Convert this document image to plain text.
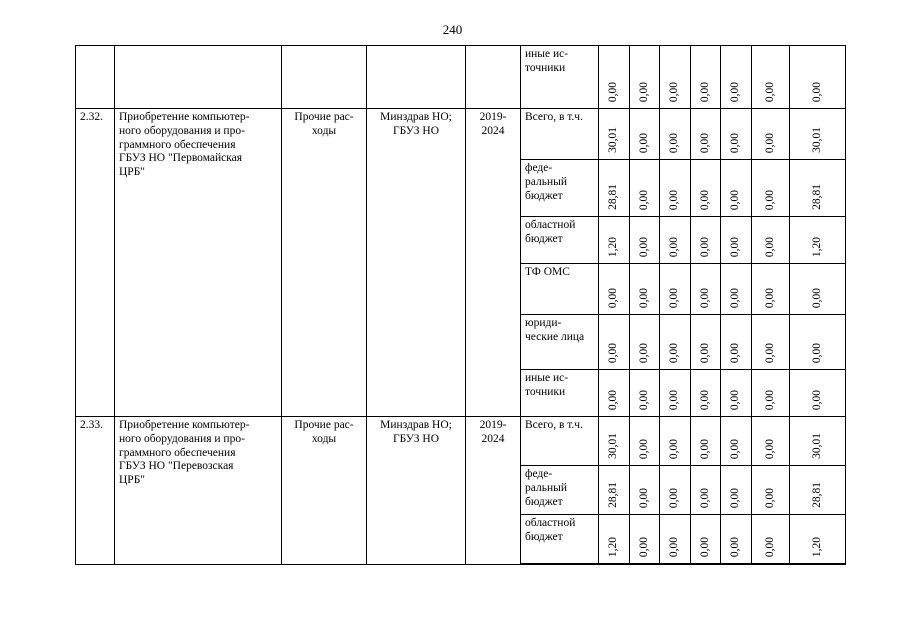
240
					иные ис-
точники	0,00	0,00	0,00	0,00	0,00	0,00	0,00

2.32.	Приобретение компьютер-
ного оборудования и про-
граммного обеспечения
ГБУЗ НО "Первомайская
ЦРБ"	Прочие рас-
ходы	Минздрав НО;
ГБУЗ НО	2019-
2024	Всего, в т.ч.	30,01	0,00	0,00	0,00	0,00	0,00	30,01

					феде-
ральный
бюджет	28,81	0,00	0,00	0,00	0,00	0,00	28,81

					областной
бюджет	1,20	0,00	0,00	0,00	0,00	0,00	1,20

					ТФ ОМС	0,00	0,00	0,00	0,00	0,00	0,00	0,00

					юриди-
ческие лица	0,00	0,00	0,00	0,00	0,00	0,00	0,00

					иные ис-
точники	0,00	0,00	0,00	0,00	0,00	0,00	0,00

2.33.	Приобретение компьютер-
ного оборудования и про-
граммного обеспечения
ГБУЗ НО "Перевозская
ЦРБ"	Прочие рас-
ходы	Минздрав НО;
ГБУЗ НО	2019-
2024	Всего, в т.ч.	30,01	0,00	0,00	0,00	0,00	0,00	30,01

					феде-
ральный
бюджет	28,81	0,00	0,00	0,00	0,00	0,00	28,81

					областной
бюджет	1,20	0,00	0,00	0,00	0,00	0,00	1,20
